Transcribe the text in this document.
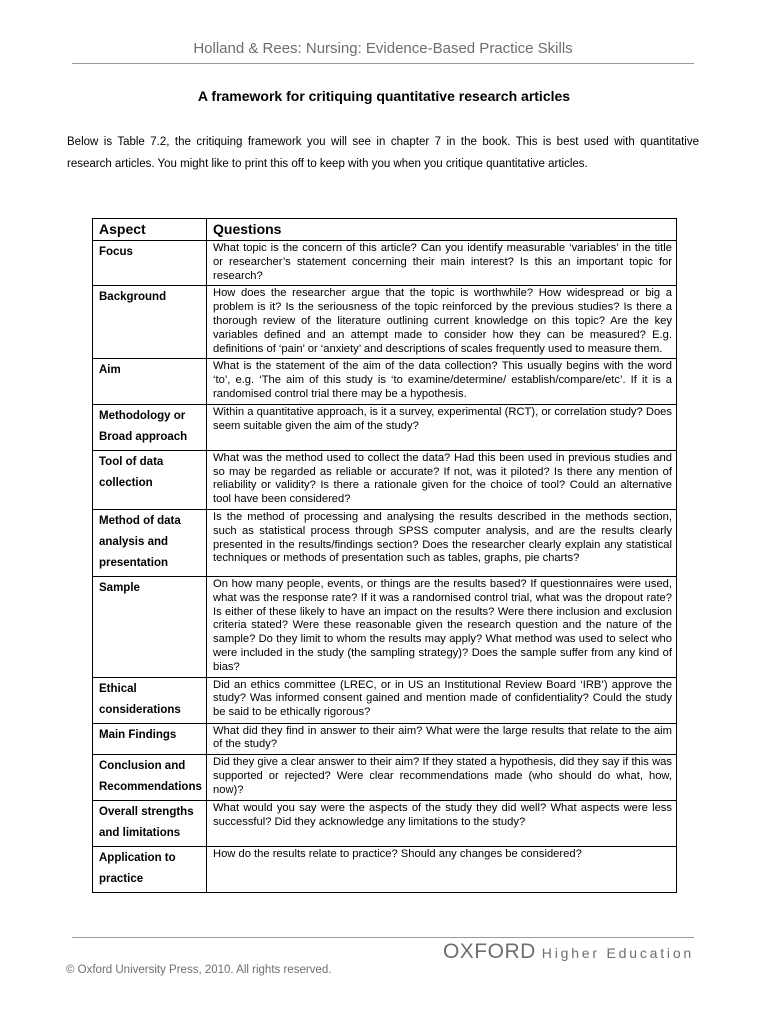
Holland & Rees: Nursing: Evidence-Based Practice Skills
A framework for critiquing quantitative research articles
Below is Table 7.2, the critiquing framework you will see in chapter 7 in the book. This is best used with quantitative research articles. You might like to print this off to keep with you when you critique quantitative articles.
Aspect	Questions
Focus	What topic is the concern of this article? Can you identify measurable ‘variables’ in the title or researcher’s statement concerning their main interest? Is this an important topic for research?
Background	How does the researcher argue that the topic is worthwhile? How widespread or big a problem is it? Is the seriousness of the topic reinforced by the previous studies? Is there a thorough review of the literature outlining current knowledge on this topic? Are the key variables defined and an attempt made to consider how they can be measured? E.g. definitions of ‘pain’ or ‘anxiety’ and descriptions of scales frequently used to measure them.
Aim	What is the statement of the aim of the data collection? This usually begins with the word ‘to’, e.g. ‘The aim of this study is ‘to examine/determine/ establish/compare/etc’. If it is a randomised control trial there may be a hypothesis.
Methodology or Broad approach	Within a quantitative approach, is it a survey, experimental (RCT), or correlation study? Does seem suitable given the aim of the study?
Tool of data collection	What was the method used to collect the data? Had this been used in previous studies and so may be regarded as reliable or accurate? If not, was it piloted? Is there any mention of reliability or validity? Is there a rationale given for the choice of tool? Could an alternative tool have been considered?
Method of data analysis and presentation	Is the method of processing and analysing the results described in the methods section, such as statistical process through SPSS computer analysis, and are the results clearly presented in the results/findings section? Does the researcher clearly explain any statistical techniques or methods of presentation such as tables, graphs, pie charts?
Sample	On how many people, events, or things are the results based? If questionnaires were used, what was the response rate? If it was a randomised control trial, what was the dropout rate? Is either of these likely to have an impact on the results? Were there inclusion and exclusion criteria stated? Were these reasonable given the research question and the nature of the sample? Do they limit to whom the results may apply? What method was used to select who were included in the study (the sampling strategy)? Does the sample suffer from any kind of bias?
Ethical considerations	Did an ethics committee (LREC, or in US an Institutional Review Board ‘IRB’) approve the study? Was informed consent gained and mention made of confidentiality? Could the study be said to be ethically rigorous?
Main Findings	What did they find in answer to their aim? What were the large results that relate to the aim of the study?
Conclusion and Recommendations	Did they give a clear answer to their aim? If they stated a hypothesis, did they say if this was supported or rejected? Were clear recommendations made (who should do what, how, now)?
Overall strengths and limitations	What would you say were the aspects of the study they did well? What aspects were less successful? Did they acknowledge any limitations to the study?
Application to practice	How do the results relate to practice? Should any changes be considered?
OXFORD Higher Education
© Oxford University Press, 2010. All rights reserved.
